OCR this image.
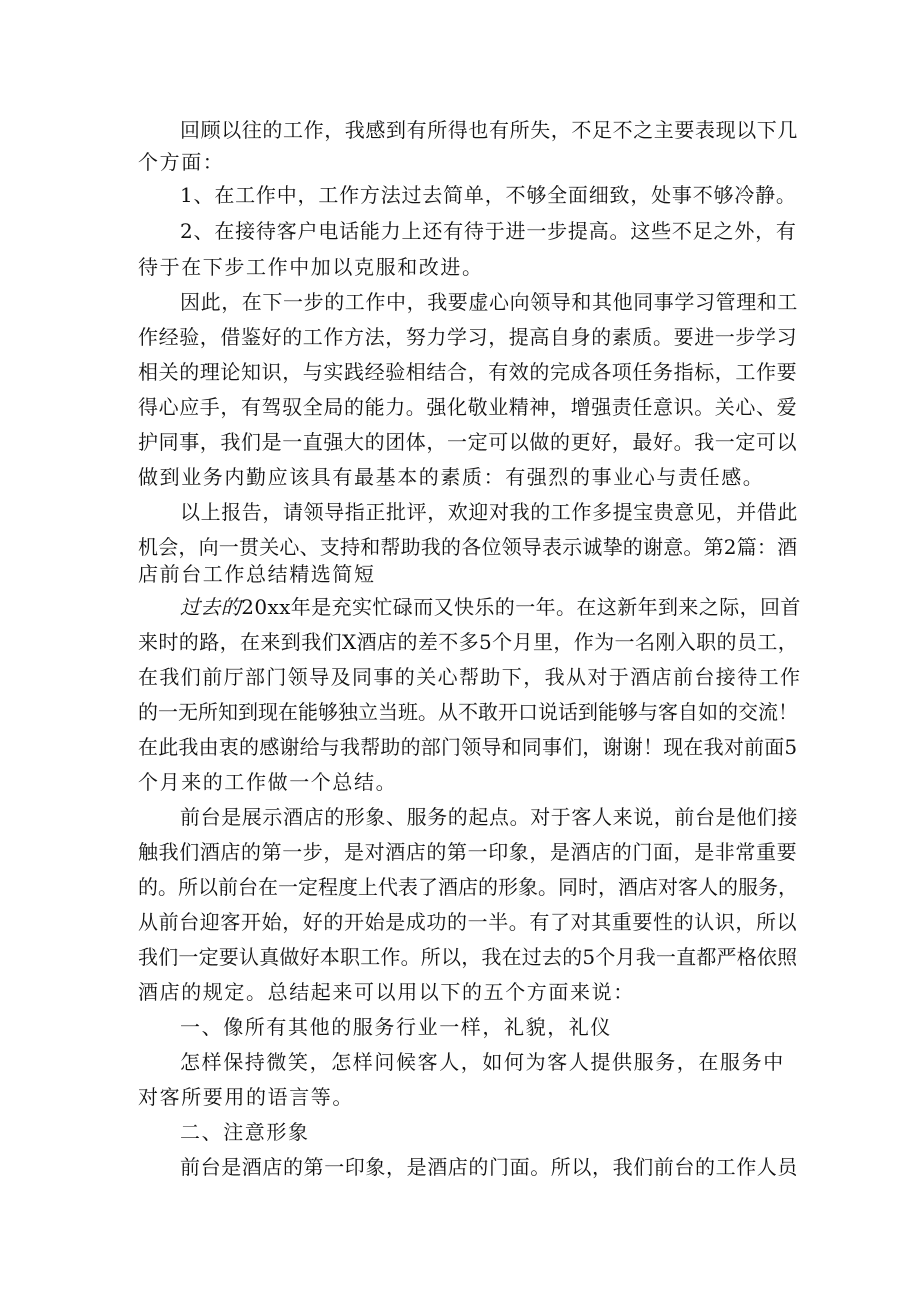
回顾以往的工作，我感到有所得也有所失，不足不之主要表现以下几

个方面：

1、在工作中，工作方法过去简单，不够全面细致，处事不够冷静。

2、在接待客户电话能力上还有待于进一步提高。这些不足之外，有

待于在下步工作中加以克服和改进。

因此，在下一步的工作中，我要虚心向领导和其他同事学习管理和工

作经验，借鉴好的工作方法，努力学习，提高自身的素质。要进一步学习

相关的理论知识，与实践经验相结合，有效的完成各项任务指标，工作要

得心应手，有驾驭全局的能力。强化敬业精神，增强责任意识。关心、爱

护同事，我们是一直强大的团体，一定可以做的更好，最好。我一定可以

做到业务内勤应该具有最基本的素质：有强烈的事业心与责任感。

以上报告，请领导指正批评，欢迎对我的工作多提宝贵意见，并借此

机会，向一贯关心、支持和帮助我的各位领导表示诚挚的谢意。第2篇：酒

店前台工作总结精选简短

过去的20xx年是充实忙碌而又快乐的一年。在这新年到来之际，回首

来时的路，在来到我们X酒店的差不多5个月里，作为一名刚入职的员工，

在我们前厅部门领导及同事的关心帮助下，我从对于酒店前台接待工作

的一无所知到现在能够独立当班。从不敢开口说话到能够与客自如的交流！

在此我由衷的感谢给与我帮助的部门领导和同事们，谢谢！现在我对前面5

个月来的工作做一个总结。

前台是展示酒店的形象、服务的起点。对于客人来说，前台是他们接

触我们酒店的第一步，是对酒店的第一印象，是酒店的门面，是非常重要

的。所以前台在一定程度上代表了酒店的形象。同时，酒店对客人的服务，

从前台迎客开始，好的开始是成功的一半。有了对其重要性的认识，所以

我们一定要认真做好本职工作。所以，我在过去的5个月我一直都严格依照

酒店的规定。总结起来可以用以下的五个方面来说：

一、像所有其他的服务行业一样，礼貌，礼仪

怎样保持微笑，怎样问候客人，如何为客人提供服务，在服务中

对客所要用的语言等。

二、注意形象

前台是酒店的第一印象，是酒店的门面。所以，我们前台的工作人员
